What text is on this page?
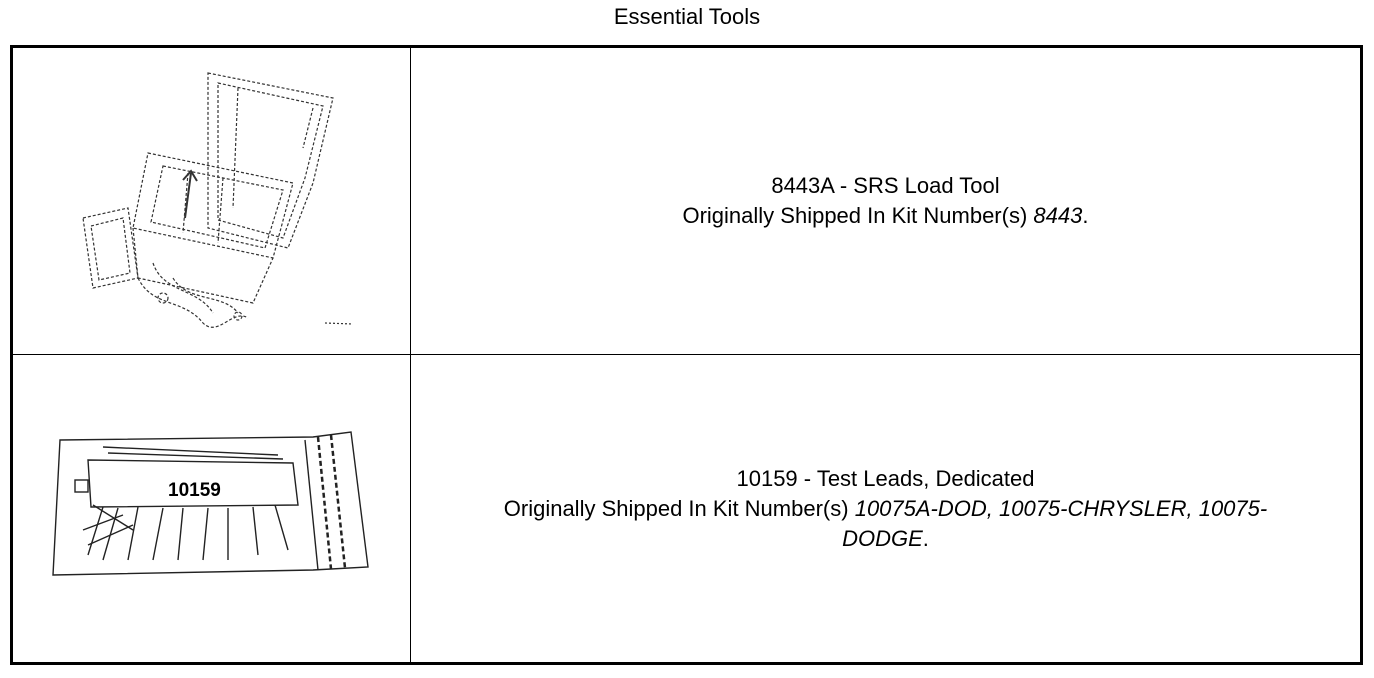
Essential Tools
8443A - SRS Load Tool
Originally Shipped In Kit Number(s) 8443.
10159	10159 - Test Leads, Dedicated
Originally Shipped In Kit Number(s) 10075A-DOD, 10075-CHRYSLER, 10075-DODGE.
